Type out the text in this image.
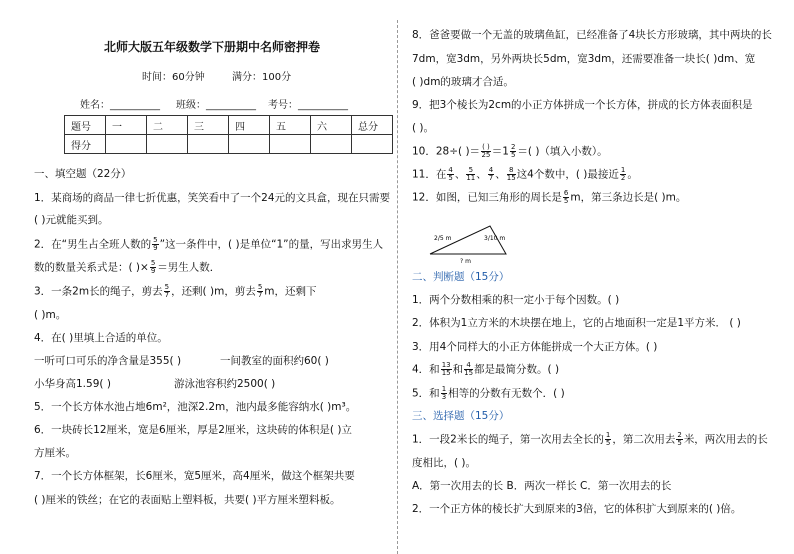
北师大版五年级数学下册期中名师密押卷
时间：60分钟	满分：100分
姓名：__________ 班级：__________ 考号：__________
题号	一	二	三	四	五	六	总分
得分							
一、填空题（22分）
1．某商场的商品一律七折优惠，笑笑看中了一个24元的文具盒，现在只需要
( )元就能买到。
2．在“男生占全班人数的 $\frac{5}{9}$ ”这一条件中，( )是单位“1”的量，写出求男生人
数的数量关系式是：( )× $\frac{5}{9}$ ＝男生人数．
3．一条2m长的绳子，剪去 $\frac{5}{7}$ ，还剩( )m，剪去 $\frac{5}{7}$ m，还剩下
( )m。
4．在( )里填上合适的单位。
一听可口可乐的净含量是355( )	一间教室的面积约60( )
小华身高1.59( )	游泳池容积约2500( )
5．一个长方体水池占地6m²，池深2.2m，池内最多能容纳水( )m³。
6．一块砖长12厘米，宽是6厘米，厚是2厘米，这块砖的体积是( )立
方厘米。
7．一个长方体框架，长6厘米，宽5厘米，高4厘米，做这个框架共要
( )厘米的铁丝；在它的表面贴上塑料板，共要( )平方厘米塑料板。
8．爸爸要做一个无盖的玻璃鱼缸，已经准备了4块长方形玻璃，其中两块的长
7dm，宽3dm，另外两块长5dm，宽3dm，还需要准备一块长( )dm、宽
( )dm的玻璃才合适。
9．把3个棱长为2cm的小正方体拼成一个长方体，拼成的长方体表面积是
( )。
10．28÷( )＝ $\frac{( )}{25} =1 \frac{2}{5}$ ＝( )（填入小数）。
11．在 $\frac{4}{5}$ 、 $\frac{5}{11}$ 、 $\frac{4}{7}$ 、 $\frac{8}{15}$ 这4个数中，( )最接近 $\frac{1}{2}$ 。
12．如图，已知三角形的周长是 $\frac{6}{5}$ m，第三条边长是( )m。
二、判断题（15分）
1．两个分数相乘的积一定小于每个因数。( )
2．体积为1立方米的木块摆在地上，它的占地面积一定是1平方米． ( )
3．用4个同样大的小正方体能拼成一个大正方体。( )
4．和 $\frac{13}{15}$ 和 $\frac{4}{15}$ 都是最简分数。( )
5．和 $\frac{1}{3}$ 相等的分数有无数个．( )
三、选择题（15分）
1．一段2米长的绳子，第一次用去全长的 $\frac{1}{5}$ ，第二次用去 $\frac{2}{5}$ 米，两次用去的长
度相比，( )。
A．第一次用去的长 B．两次一样长 C．第一次用去的长
2．一个正方体的棱长扩大到原来的3倍，它的体积扩大到原来的( )倍。
2/5 m	3/10 m
? m
